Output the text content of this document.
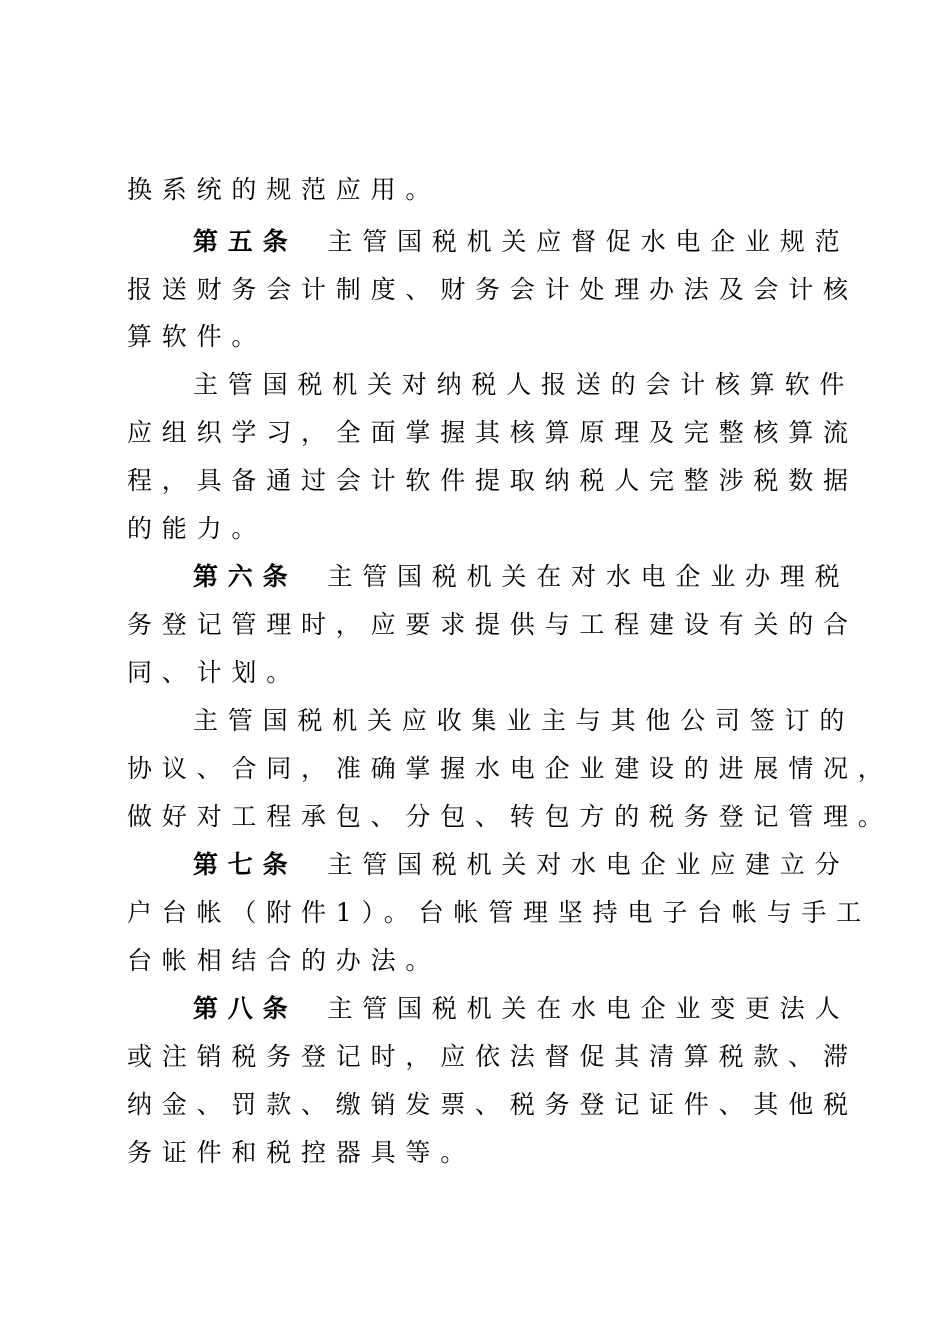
换系统的规范应用。
第五条 主管国税机关应督促水电企业规范
报送财务会计制度、财务会计处理办法及会计核
算软件。
主管国税机关对纳税人报送的会计核算软件
应组织学习，全面掌握其核算原理及完整核算流
程，具备通过会计软件提取纳税人完整涉税数据
的能力。
第六条 主管国税机关在对水电企业办理税
务登记管理时，应要求提供与工程建设有关的合
同、计划。
主管国税机关应收集业主与其他公司签订的
协议、合同，准确掌握水电企业建设的进展情况，
做好对工程承包、分包、转包方的税务登记管理。
第七条 主管国税机关对水电企业应建立分
户台帐（附件1）。台帐管理坚持电子台帐与手工
台帐相结合的办法。
第八条 主管国税机关在水电企业变更法人
或注销税务登记时，应依法督促其清算税款、滞
纳金、罚款、缴销发票、税务登记证件、其他税
务证件和税控器具等。
